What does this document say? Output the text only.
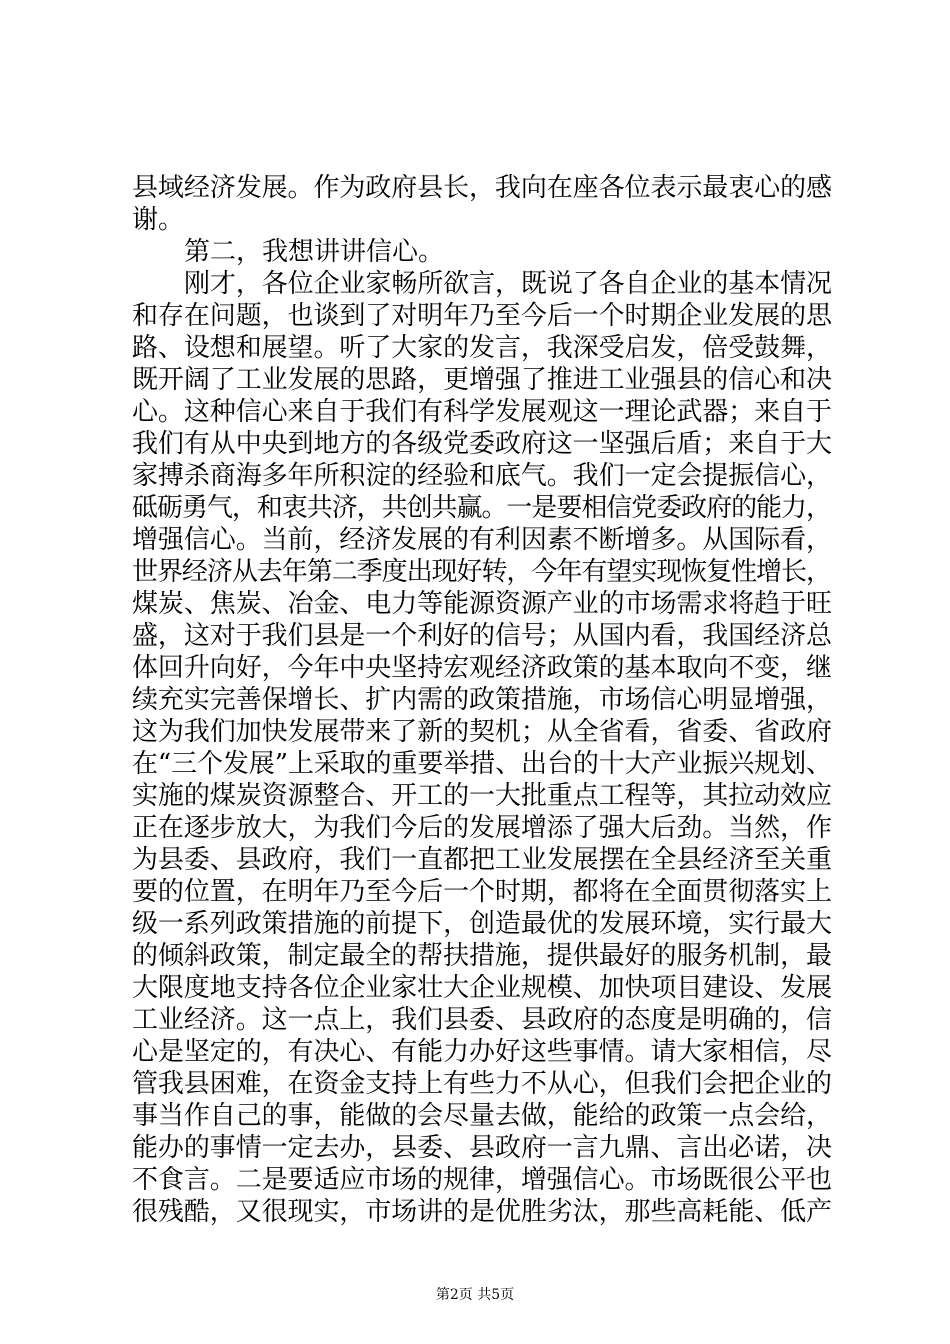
县域经济发展。作为政府县长，我向在座各位表示最衷心的感
谢。
第二，我想讲讲信心。
刚才，各位企业家畅所欲言，既说了各自企业的基本情况
和存在问题，也谈到了对明年乃至今后一个时期企业发展的思
路、设想和展望。听了大家的发言，我深受启发，倍受鼓舞，
既开阔了工业发展的思路，更增强了推进工业强县的信心和决
心。这种信心来自于我们有科学发展观这一理论武器；来自于
我们有从中央到地方的各级党委政府这一坚强后盾；来自于大
家搏杀商海多年所积淀的经验和底气。我们一定会提振信心，
砥砺勇气，和衷共济，共创共赢。一是要相信党委政府的能力，
增强信心。当前，经济发展的有利因素不断增多。从国际看，
世界经济从去年第二季度出现好转，今年有望实现恢复性增长，
煤炭、焦炭、冶金、电力等能源资源产业的市场需求将趋于旺
盛，这对于我们县是一个利好的信号；从国内看，我国经济总
体回升向好，今年中央坚持宏观经济政策的基本取向不变，继
续充实完善保增长、扩内需的政策措施，市场信心明显增强，
这为我们加快发展带来了新的契机；从全省看，省委、省政府
在“三个发展”上采取的重要举措、出台的十大产业振兴规划、
实施的煤炭资源整合、开工的一大批重点工程等，其拉动效应
正在逐步放大，为我们今后的发展增添了强大后劲。当然，作
为县委、县政府，我们一直都把工业发展摆在全县经济至关重
要的位置，在明年乃至今后一个时期，都将在全面贯彻落实上
级一系列政策措施的前提下，创造最优的发展环境，实行最大
的倾斜政策，制定最全的帮扶措施，提供最好的服务机制，最
大限度地支持各位企业家壮大企业规模、加快项目建设、发展
工业经济。这一点上，我们县委、县政府的态度是明确的，信
心是坚定的，有决心、有能力办好这些事情。请大家相信，尽
管我县困难，在资金支持上有些力不从心，但我们会把企业的
事当作自己的事，能做的会尽量去做，能给的政策一点会给，
能办的事情一定去办，县委、县政府一言九鼎、言出必诺，决
不食言。二是要适应市场的规律，增强信心。市场既很公平也
很残酷，又很现实，市场讲的是优胜劣汰，那些高耗能、低产
第2页 共5页
